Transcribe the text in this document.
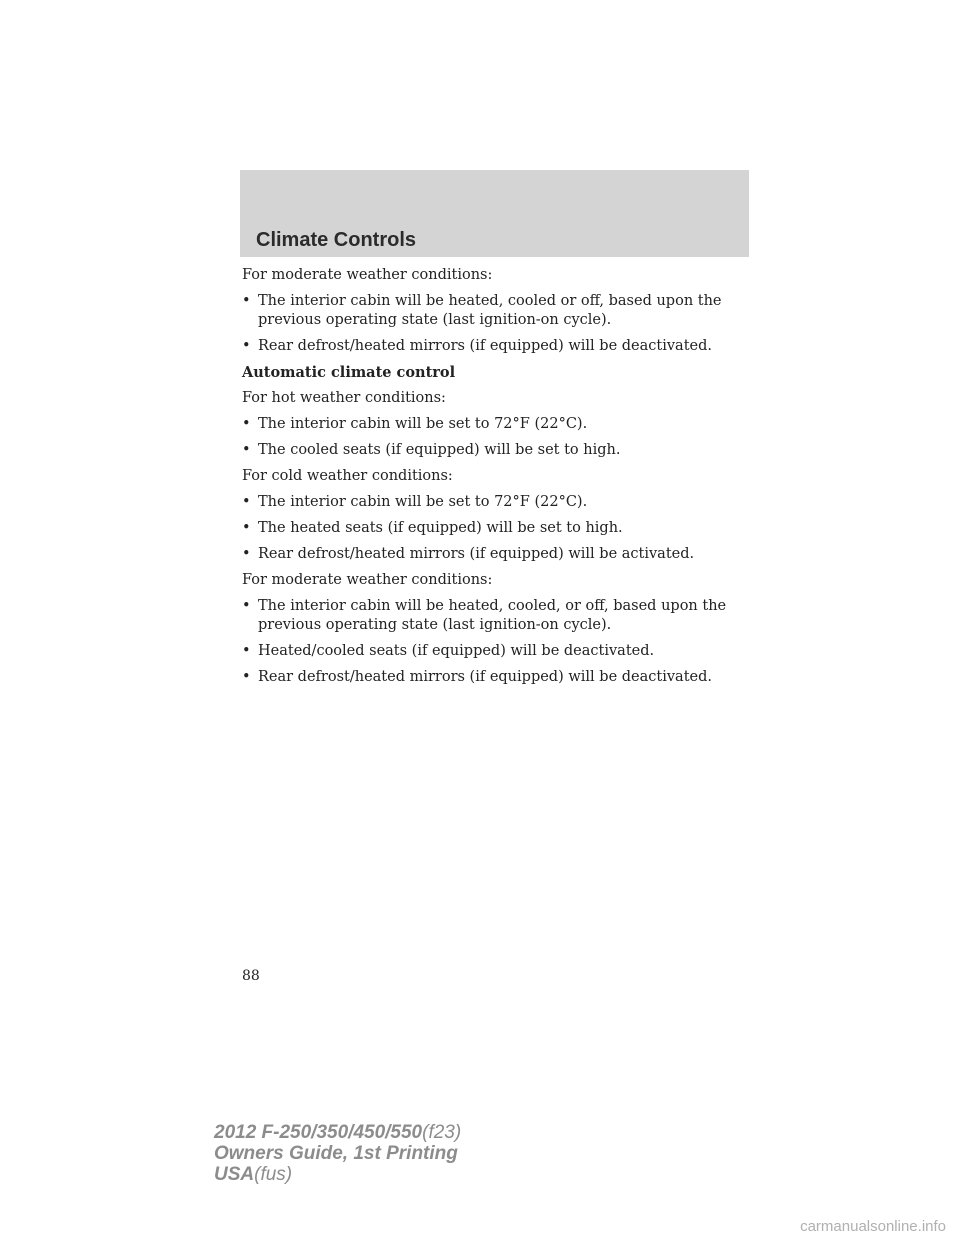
Climate Controls
For moderate weather conditions:
• The interior cabin will be heated, cooled or off, based upon the
previous operating state (last ignition-on cycle).
• Rear defrost/heated mirrors (if equipped) will be deactivated.
Automatic climate control
For hot weather conditions:
• The interior cabin will be set to 72°F (22°C).
• The cooled seats (if equipped) will be set to high.
For cold weather conditions:
• The interior cabin will be set to 72°F (22°C).
• The heated seats (if equipped) will be set to high.
• Rear defrost/heated mirrors (if equipped) will be activated.
For moderate weather conditions:
• The interior cabin will be heated, cooled, or off, based upon the
previous operating state (last ignition-on cycle).
• Heated/cooled seats (if equipped) will be deactivated.
• Rear defrost/heated mirrors (if equipped) will be deactivated.
88
2012 F-250/350/450/550(f23)
Owners Guide, 1st Printing
USA(fus)
carmanualsonline.info
